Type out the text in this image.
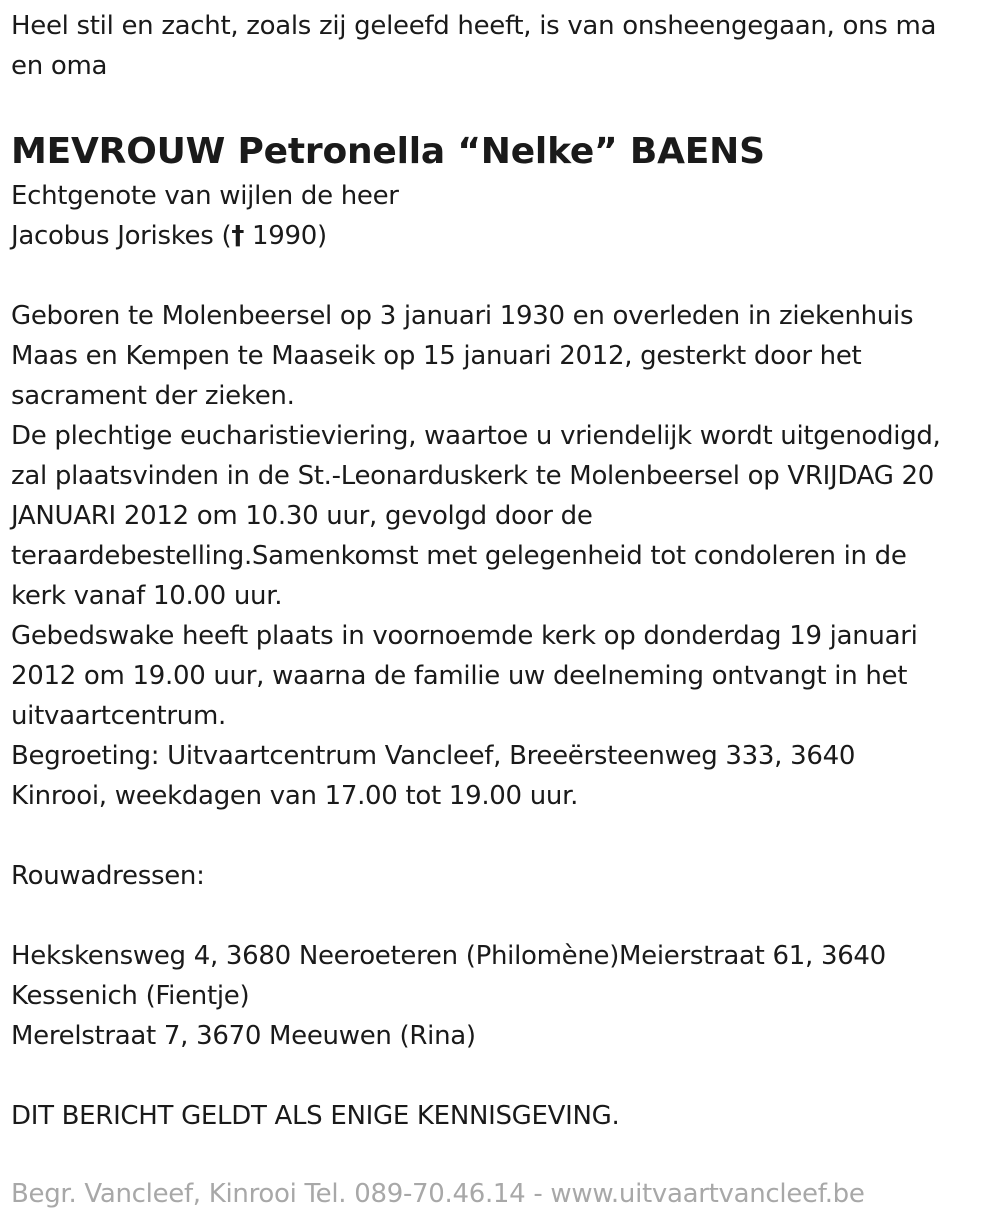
Heel stil en zacht, zoals zij geleefd heeft, is van onsheengegaan, ons ma
en oma
MEVROUW Petronella “Nelke” BAENS
Echtgenote van wijlen de heer
Jacobus Joriskes († 1990)
Geboren te Molenbeersel op 3 januari 1930 en overleden in ziekenhuis
Maas en Kempen te Maaseik op 15 januari 2012, gesterkt door het
sacrament der zieken.
De plechtige eucharistieviering, waartoe u vriendelijk wordt uitgenodigd,
zal plaatsvinden in de St.-Leonarduskerk te Molenbeersel op VRIJDAG 20
JANUARI 2012 om 10.30 uur, gevolgd door de
teraardebestelling.Samenkomst met gelegenheid tot condoleren in de
kerk vanaf 10.00 uur.
Gebedswake heeft plaats in voornoemde kerk op donderdag 19 januari
2012 om 19.00 uur, waarna de familie uw deelneming ontvangt in het
uitvaartcentrum.
Begroeting: Uitvaartcentrum Vancleef, Breeërsteenweg 333, 3640
Kinrooi, weekdagen van 17.00 tot 19.00 uur.
Rouwadressen:
Hekskensweg 4, 3680 Neeroeteren (Philomène)Meierstraat 61, 3640
Kessenich (Fientje)
Merelstraat 7, 3670 Meeuwen (Rina)
DIT BERICHT GELDT ALS ENIGE KENNISGEVING.
Begr. Vancleef, Kinrooi Tel. 089-70.46.14 - www.uitvaartvancleef.be
